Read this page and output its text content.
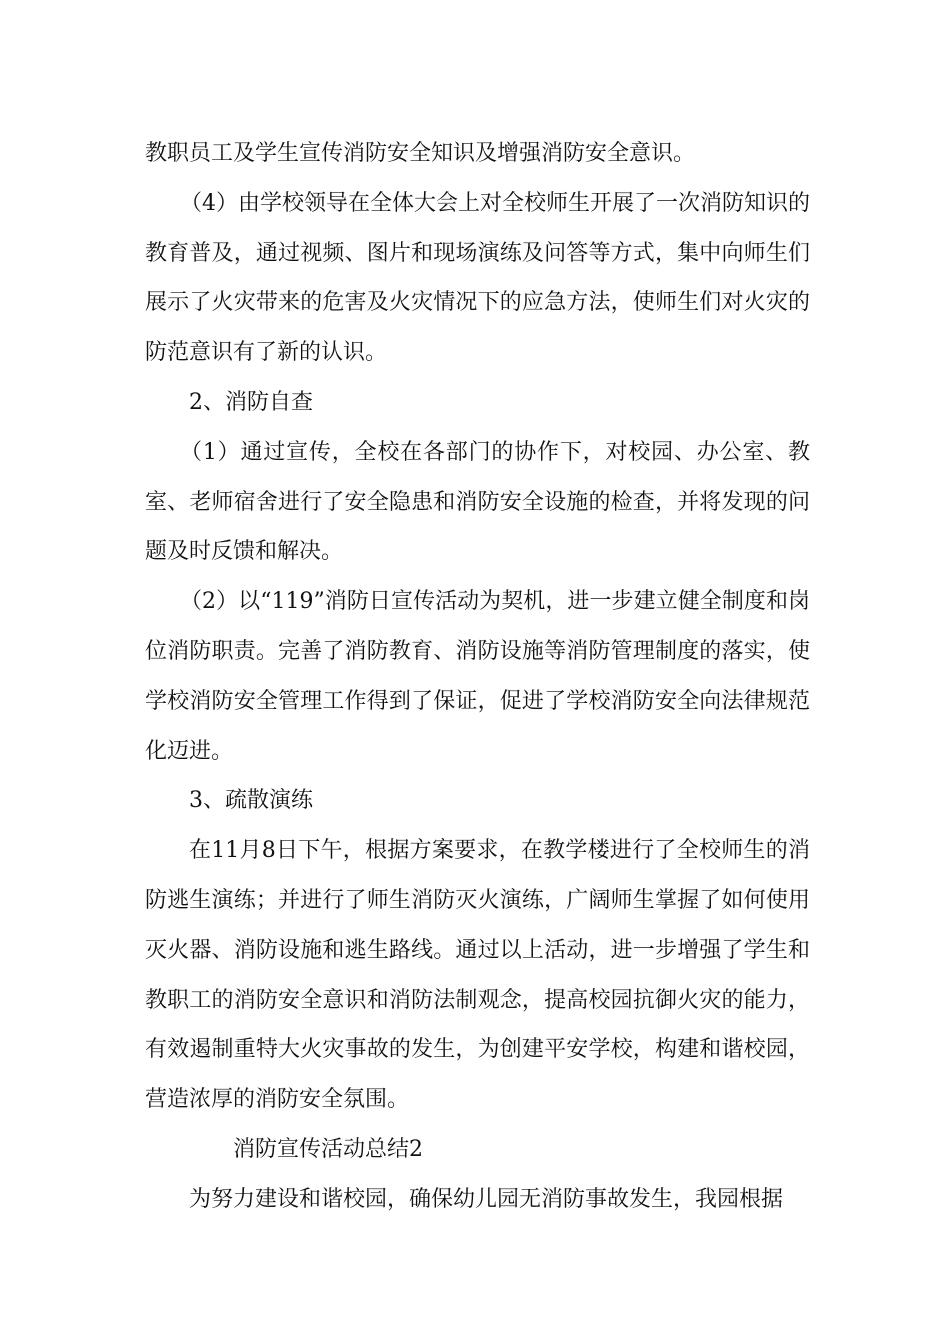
教职员工及学生宣传消防安全知识及增强消防安全意识。

（4）由学校领导在全体大会上对全校师生开展了一次消防知识的教育普及，通过视频、图片和现场演练及问答等方式，集中向师生们展示了火灾带来的危害及火灾情况下的应急方法，使师生们对火灾的防范意识有了新的认识。

2、消防自查

（1）通过宣传，全校在各部门的协作下，对校园、办公室、教室、老师宿舍进行了安全隐患和消防安全设施的检查，并将发现的问题及时反馈和解决。

（2）以“119”消防日宣传活动为契机，进一步建立健全制度和岗位消防职责。完善了消防教育、消防设施等消防管理制度的落实，使学校消防安全管理工作得到了保证，促进了学校消防安全向法律规范化迈进。

3、疏散演练

在11月8日下午，根据方案要求，在教学楼进行了全校师生的消防逃生演练；并进行了师生消防灭火演练，广阔师生掌握了如何使用灭火器、消防设施和逃生路线。通过以上活动，进一步增强了学生和教职工的消防安全意识和消防法制观念，提高校园抗御火灾的能力，有效遏制重特大火灾事故的发生，为创建平安学校，构建和谐校园，营造浓厚的消防安全氛围。

消防宣传活动总结2

为努力建设和谐校园，确保幼儿园无消防事故发生，我园根据
